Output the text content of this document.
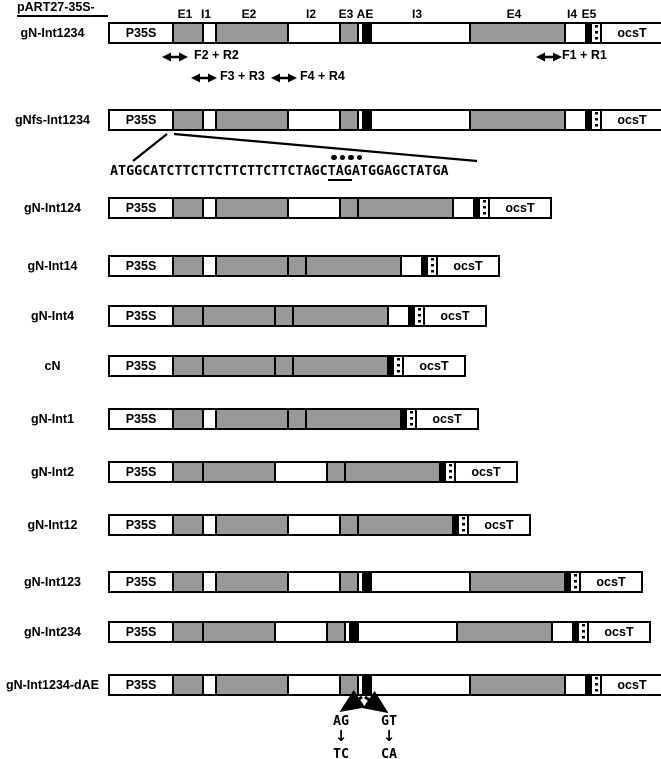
pART27-35S-	E1 I1	E2	I2	E3 AE	I3	E4	I4 E5
gN-Int1234	P35S	ocsT
gNfs-Int1234	P35S	ocsT
gN-Int124	P35S	ocsT
gN-Int14	P35S	ocsT
gN-Int4	P35S	ocsT
cN	P35S	ocsT
gN-Int1	P35S	ocsT
gN-Int2	P35S	ocsT
gN-Int12	P35S	ocsT
gN-Int123	P35S	ocsT
gN-Int234	P35S	ocsT
gN-Int1234-dAE	P35S	ocsT
F2 + R2
F3 + R3	F4 + R4
F1 + R1
ATGGCATCTTCTTCTTCTTCTTCTAGCTAGATGGAGCTATGA
AG	GT
↓	↓
TC	CA
